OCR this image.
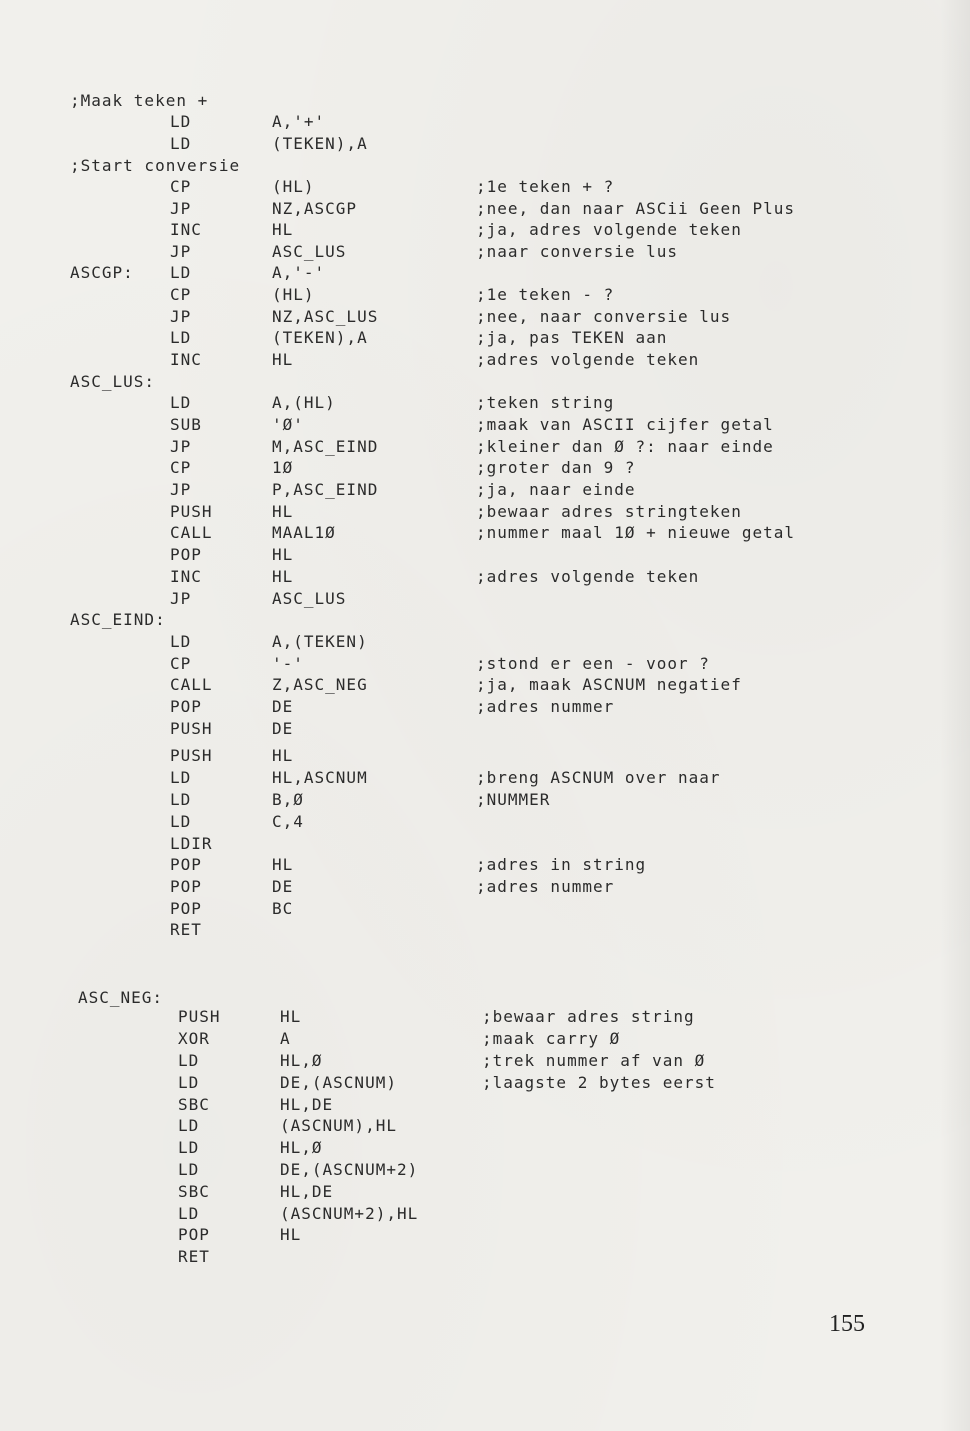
;Maak teken +
LD	A,'+'
LD	(TEKEN),A
;Start conversie
CP	(HL)	;1e teken + ?
JP	NZ,ASCGP	;nee, dan naar ASCii Geen Plus
INC	HL	;ja, adres volgende teken
JP	ASC_LUS	;naar conversie lus
ASCGP: LD	A,'-'
CP	(HL)	;1e teken - ?
JP	NZ,ASC_LUS	;nee, naar conversie lus
LD	(TEKEN),A	;ja, pas TEKEN aan
INC	HL	;adres volgende teken
ASC_LUS:
LD	A,(HL)	;teken string
SUB	'Ø'	;maak van ASCII cijfer getal
JP	M,ASC_EIND	;kleiner dan Ø ?: naar einde
CP	1Ø	;groter dan 9 ?
JP	P,ASC_EIND	;ja, naar einde
PUSH	HL	;bewaar adres stringteken
CALL	MAAL1Ø	;nummer maal 1Ø + nieuwe getal
POP	HL
INC	HL	;adres volgende teken
JP	ASC_LUS
ASC_EIND:
LD	A,(TEKEN)
CP	'-'	;stond er een - voor ?
CALL	Z,ASC_NEG	;ja, maak ASCNUM negatief
POP	DE	;adres nummer
PUSH	DE
PUSH	HL
LD	HL,ASCNUM	;breng ASCNUM over naar
LD	B,Ø	;NUMMER
LD	C,4
LDIR
POP	HL	;adres in string
POP	DE	;adres nummer
POP	BC
RET
ASC_NEG:
PUSH	HL	;bewaar adres string
XOR	A	;maak carry Ø
LD	HL,Ø	;trek nummer af van Ø
LD	DE,(ASCNUM)	;laagste 2 bytes eerst
SBC	HL,DE
LD	(ASCNUM),HL
LD	HL,Ø
LD	DE,(ASCNUM+2)
SBC	HL,DE
LD	(ASCNUM+2),HL
POP	HL
RET
155
